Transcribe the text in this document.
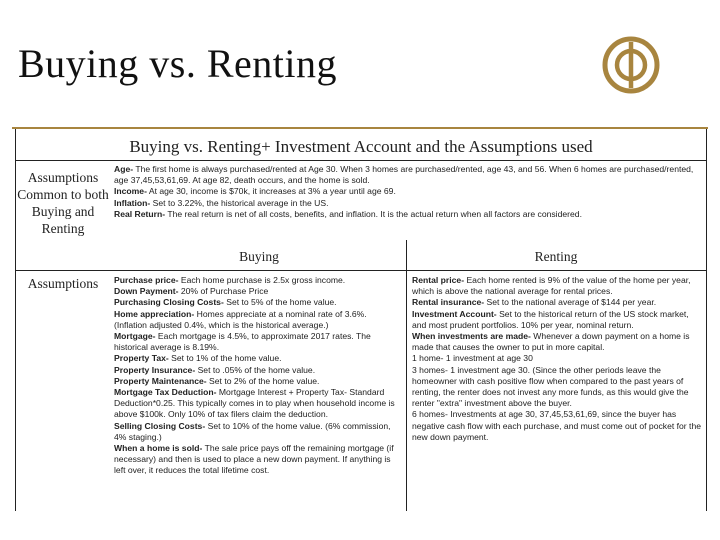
Buying vs. Renting
Buying vs. Renting+ Investment Account and the Assumptions used
Assumptions Common to both Buying and Renting

Age- The first home is always purchased/rented at Age 30. When 3 homes are purchased/rented, age 43, and 56. When 6 homes are purchased/rented, age 37,45,53,61,69. At age 82, death occurs, and the home is sold.

Income- At age 30, income is $70k, it increases at 3% a year until age 69.

Inflation- Set to 3.22%, the historical average in the US.

Real Return- The real return is net of all costs, benefits, and inflation. It is the actual return when all factors are considered.

Buying	Renting
Assumptions	Purchase price- Each home purchase is 2.5x gross income.

Down Payment- 20% of Purchase Price

Purchasing Closing Costs- Set to 5% of the home value.

Home appreciation- Homes appreciate at a nominal rate of 3.6%. (Inflation adjusted 0.4%, which is the historical average.)

Mortgage- Each mortgage is 4.5%, to approximate 2017 rates. The historical average is 8.19%.

Property Tax- Set to 1% of the home value.

Property Insurance- Set to .05% of the home value.

Property Maintenance- Set to 2% of the home value.

Mortgage Tax Deduction- Mortgage Interest + Property Tax- Standard Deduction*0.25. This typically comes in to play when household income is above $100k. Only 10% of tax filers claim the deduction.

Selling Closing Costs- Set to 10% of the home value. (6% commission, 4% staging.)

When a home is sold- The sale price pays off the remaining mortgage (if necessary) and then is used to place a new down payment. If anything is left over, it reduces the total lifetime cost.

Rental price- Each home rented is 9% of the value of the home per year, which is above the national average for rental prices.

Rental insurance- Set to the national average of $144 per year.

Investment Account- Set to the historical return of the US stock market, and most prudent portfolios. 10% per year, nominal return.

When investments are made- Whenever a down payment on a home is made that causes the owner to put in more capital.

1 home- 1 investment at age 30

3 homes- 1 investment age 30. (Since the other periods leave the homeowner with cash positive flow when compared to the past years of renting, the renter does not invest any more funds, as this would give the renter "extra" investment above the buyer.

6 homes- Investments at age 30, 37,45,53,61,69, since the buyer has negative cash flow with each purchase, and must come out of pocket for the new down payment.
